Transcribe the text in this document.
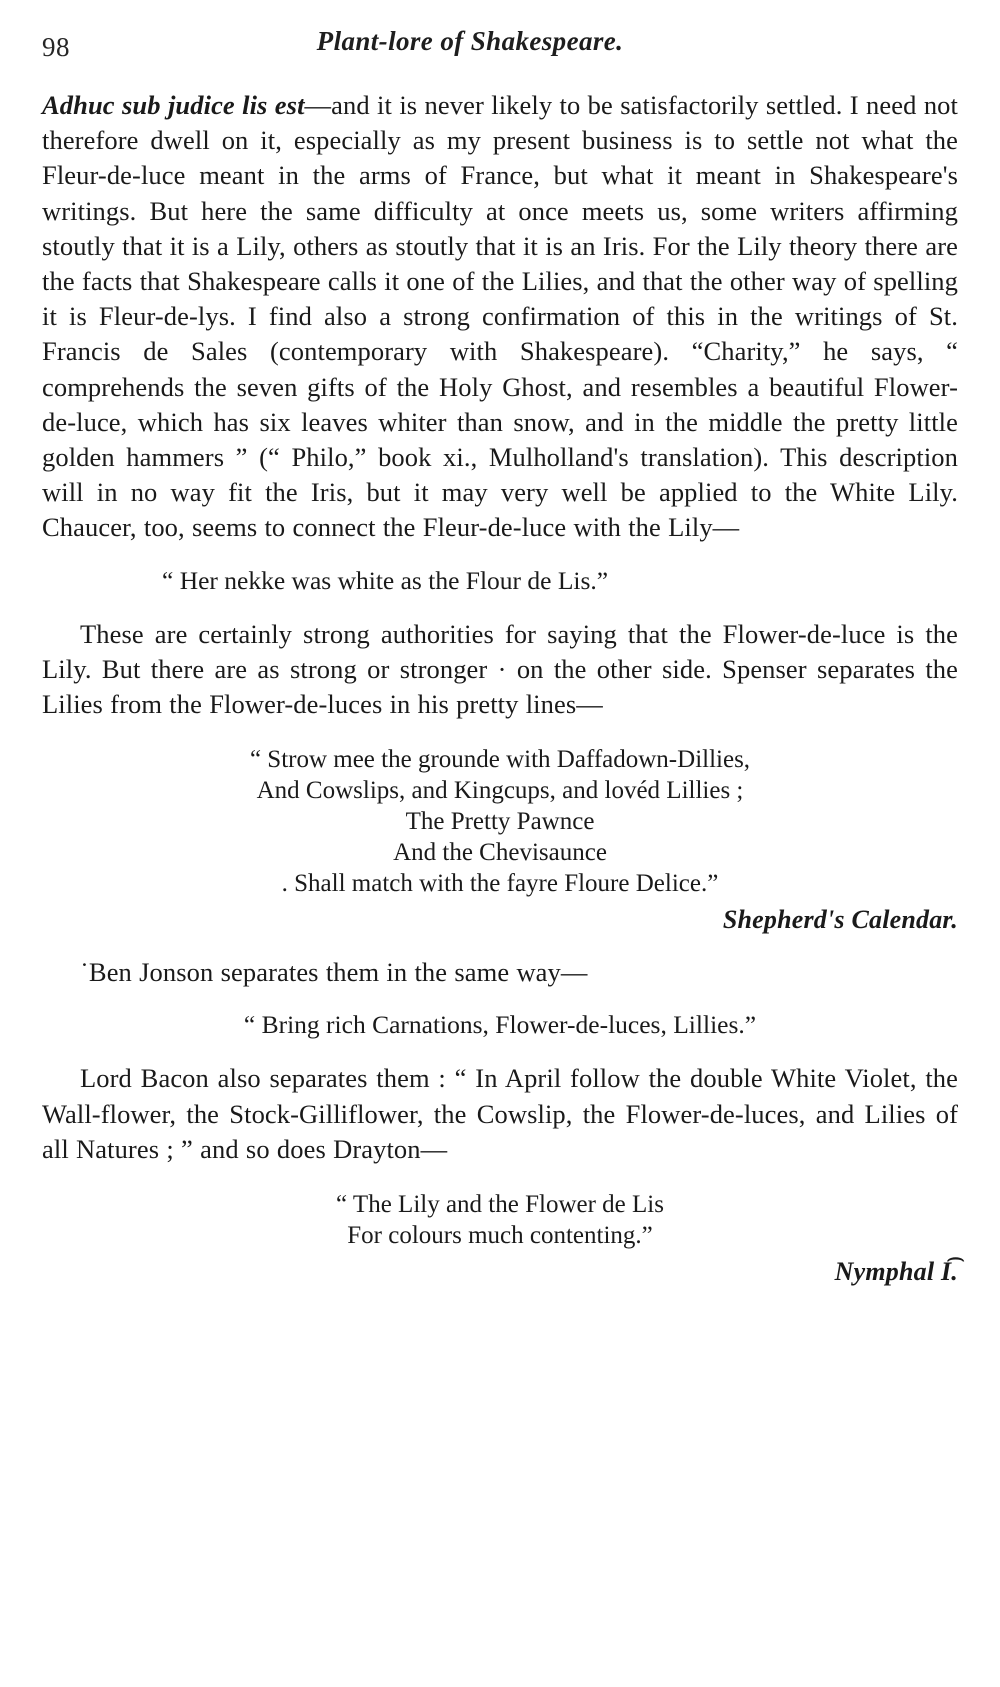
98	Plant-lore of Shakespeare.

Adhuc sub judice lis est—and it is never likely to be satisfactorily settled. I need not therefore dwell on it, especially as my present business is to settle not what the Fleur-de-luce meant in the arms of France, but what it meant in Shakespeare's writings. But here the same difficulty at once meets us, some writers affirming stoutly that it is a Lily, others as stoutly that it is an Iris. For the Lily theory there are the facts that Shakespeare calls it one of the Lilies, and that the other way of spelling it is Fleur-de-lys. I find also a strong confirmation of this in the writings of St. Francis de Sales (contemporary with Shakespeare). “Charity,” he says, “ comprehends the seven gifts of the Holy Ghost, and resembles a beautiful Flower-de-luce, which has six leaves whiter than snow, and in the middle the pretty little golden hammers ” (“ Philo,” book xi., Mulholland's translation). This description will in no way fit the Iris, but it may very well be applied to the White Lily. Chaucer, too, seems to connect the Fleur-de-luce with the Lily—

“ Her nekke was white as the Flour de Lis.”

These are certainly strong authorities for saying that the Flower-de-luce is the Lily. But there are as strong or stronger · on the other side. Spenser separates the Lilies from the Flower-de-luces in his pretty lines—

“ Strow mee the grounde with Daffadown-Dillies,
And Cowslips, and Kingcups, and lovéd Lillies ;
The Pretty Pawnce
And the Chevisaunce
. Shall match with the fayre Floure Delice.”
Shepherd's Calendar.

˙Ben Jonson separates them in the same way—

“ Bring rich Carnations, Flower-de-luces, Lillies.”

Lord Bacon also separates them : “ In April follow the double White Violet, the Wall-flower, the Stock-Gilliflower, the Cowslip, the Flower-de-luces, and Lilies of all Natures ; ” and so does Drayton—

“ The Lily and the Flower de Lis
For colours much contenting.”
Nymphal I͡.
